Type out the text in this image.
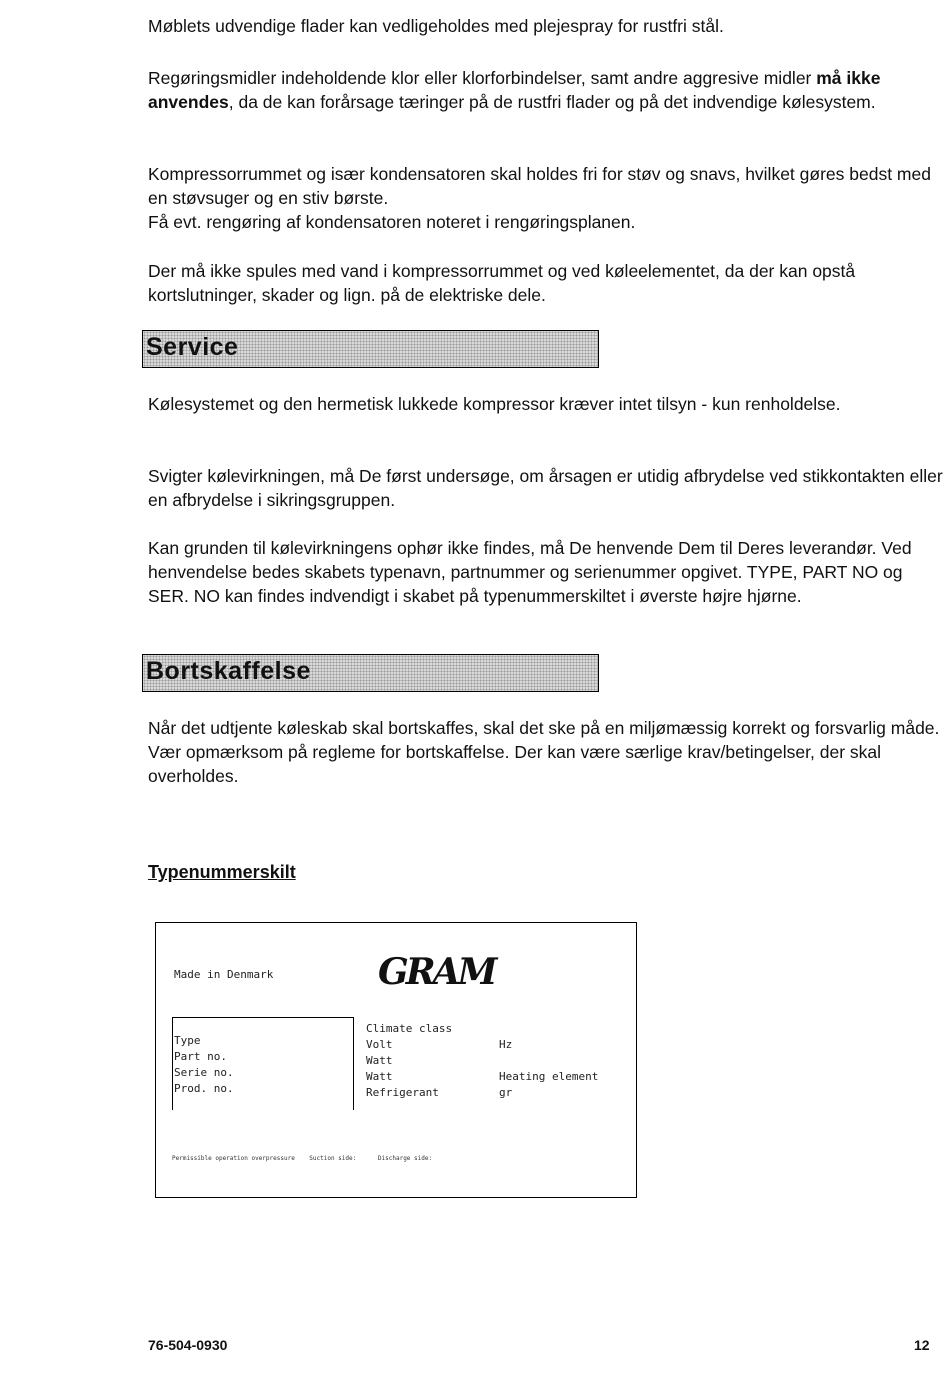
Møblets udvendige flader kan vedligeholdes med plejespray for rustfri stål.

Regøringsmidler indeholdende klor eller klorforbindelser, samt andre aggresive midler må ikke anvendes, da de kan forårsage tæringer på de rustfri flader og på det indvendige kølesystem.

Kompressorrummet og især kondensatoren skal holdes fri for støv og snavs, hvilket gøres bedst med en støvsuger og en stiv børste.

Få evt. rengøring af kondensatoren noteret i rengøringsplanen.

Der må ikke spules med vand i kompressorrummet og ved køleelementet, da der kan opstå kortslutninger, skader og lign. på de elektriske dele.

Service

Kølesystemet og den hermetisk lukkede kompressor kræver intet tilsyn - kun renholdelse.

Svigter kølevirkningen, må De først undersøge, om årsagen er utidig afbrydelse ved stikkontakten eller en afbrydelse i sikringsgruppen.

Kan grunden til kølevirkningens ophør ikke findes, må De henvende Dem til Deres leverandør. Ved henvendelse bedes skabets typenavn, partnummer og serienummer opgivet. TYPE, PART NO og SER. NO kan findes indvendigt i skabet på typenummerskiltet i øverste højre hjørne.

Bortskaffelse

Når det udtjente køleskab skal bortskaffes, skal det ske på en miljømæssig korrekt og forsvarlig måde. Vær opmærksom på regleme for bortskaffelse. Der kan være særlige krav/betingelser, der skal overholdes.

Typenummerskilt
Made in Denmark	GRAM
Type
Part no.
Serie no.
Prod. no.
Climate class
Volt	Hz
Watt
Watt	Heating element
Refrigerant	gr
Permissible operation overpressure    Suction side:      Discharge side:
76-504-0930	12
